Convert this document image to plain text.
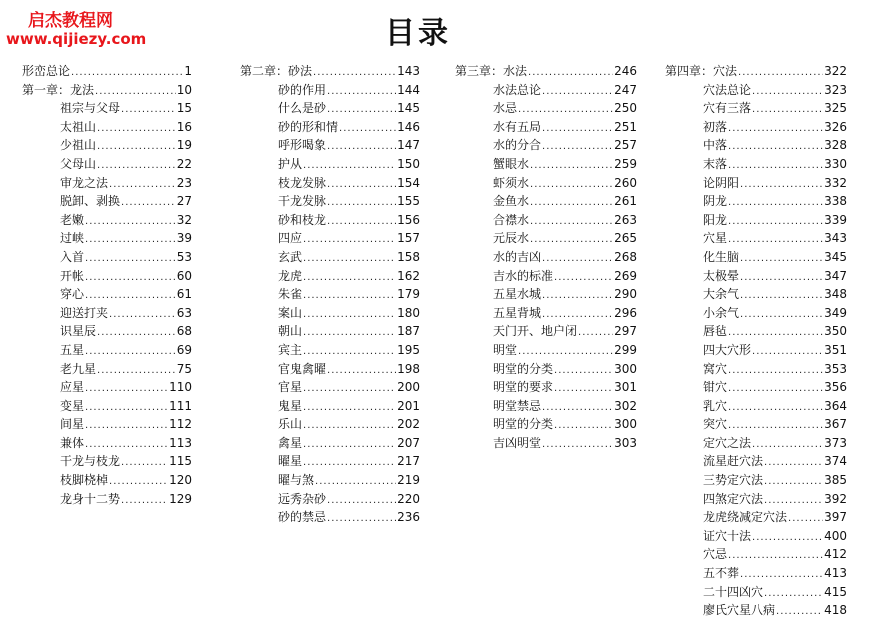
启杰教程网
www.qijiezy.com	目录
形峦总论 .....	1
第一章：龙法 .....	10
祖宗与父母 .....	15
太祖山 .....	16
少祖山 .....	19
父母山 .....	22
审龙之法 .....	23
脱卸、剥换 .....	27
老嫩 .....	32
过峡 .....	39
入首 .....	53
开帐 .....	60
穿心 .....	61
迎送打夹 .....	63
识星辰 .....	68
五星 .....	69
老九星 .....	75
应星 .....	110
变星 .....	111
间星 .....	112
兼体 .....	113
干龙与枝龙 .....	115
枝脚桡棹 .....	120
龙身十二势 .....	129
第二章：砂法 .....	143
砂的作用 .....	144
什么是砂 .....	145
砂的形和情 .....	146
呼形喝象 .....	147
护从 .....	150
枝龙发脉 .....	154
干龙发脉 .....	155
砂和枝龙 .....	156
四应 .....	157
玄武 .....	158
龙虎 .....	162
朱雀 .....	179
案山 .....	180
朝山 .....	187
宾主 .....	195
官鬼禽曜 .....	198
官星 .....	200
鬼星 .....	201
乐山 .....	202
禽星 .....	207
曜星 .....	217
曜与煞 .....	219
远秀杂砂 .....	220
砂的禁忌 .....	236
第三章：水法 .....	246
水法总论 .....	247
水忌 .....	250
水有五局 .....	251
水的分合 .....	257
蟹眼水 .....	259
虾须水 .....	260
金鱼水 .....	261
合襟水 .....	263
元辰水 .....	265
水的吉凶 .....	268
吉水的标准 .....	269
五星水城 .....	290
五星背城 .....	296
天门开、地户闭 .....	297
明堂 .....	299
明堂的分类 .....	300
明堂的要求 .....	301
明堂禁忌 .....	302
明堂的分类 .....	300
吉凶明堂 .....	303
第四章：穴法 .....	322
穴法总论 .....	323
穴有三落 .....	325
初落 .....	326
中落 .....	328
末落 .....	330
论阴阳 .....	332
阴龙 .....	338
阳龙 .....	339
穴星 .....	343
化生脑 .....	345
太极晕 .....	347
大余气 .....	348
小余气 .....	349
唇毡 .....	350
四大穴形 .....	351
窝穴 .....	353
钳穴 .....	356
乳穴 .....	364
突穴 .....	367
定穴之法 .....	373
流星赶穴法 .....	374
三势定穴法 .....	385
四煞定穴法 .....	392
龙虎绕减定穴法 .....	397
证穴十法 .....	400
穴忌 .....	412
五不葬 .....	413
二十四凶穴 .....	415
廖氏穴星八病 .....	418
